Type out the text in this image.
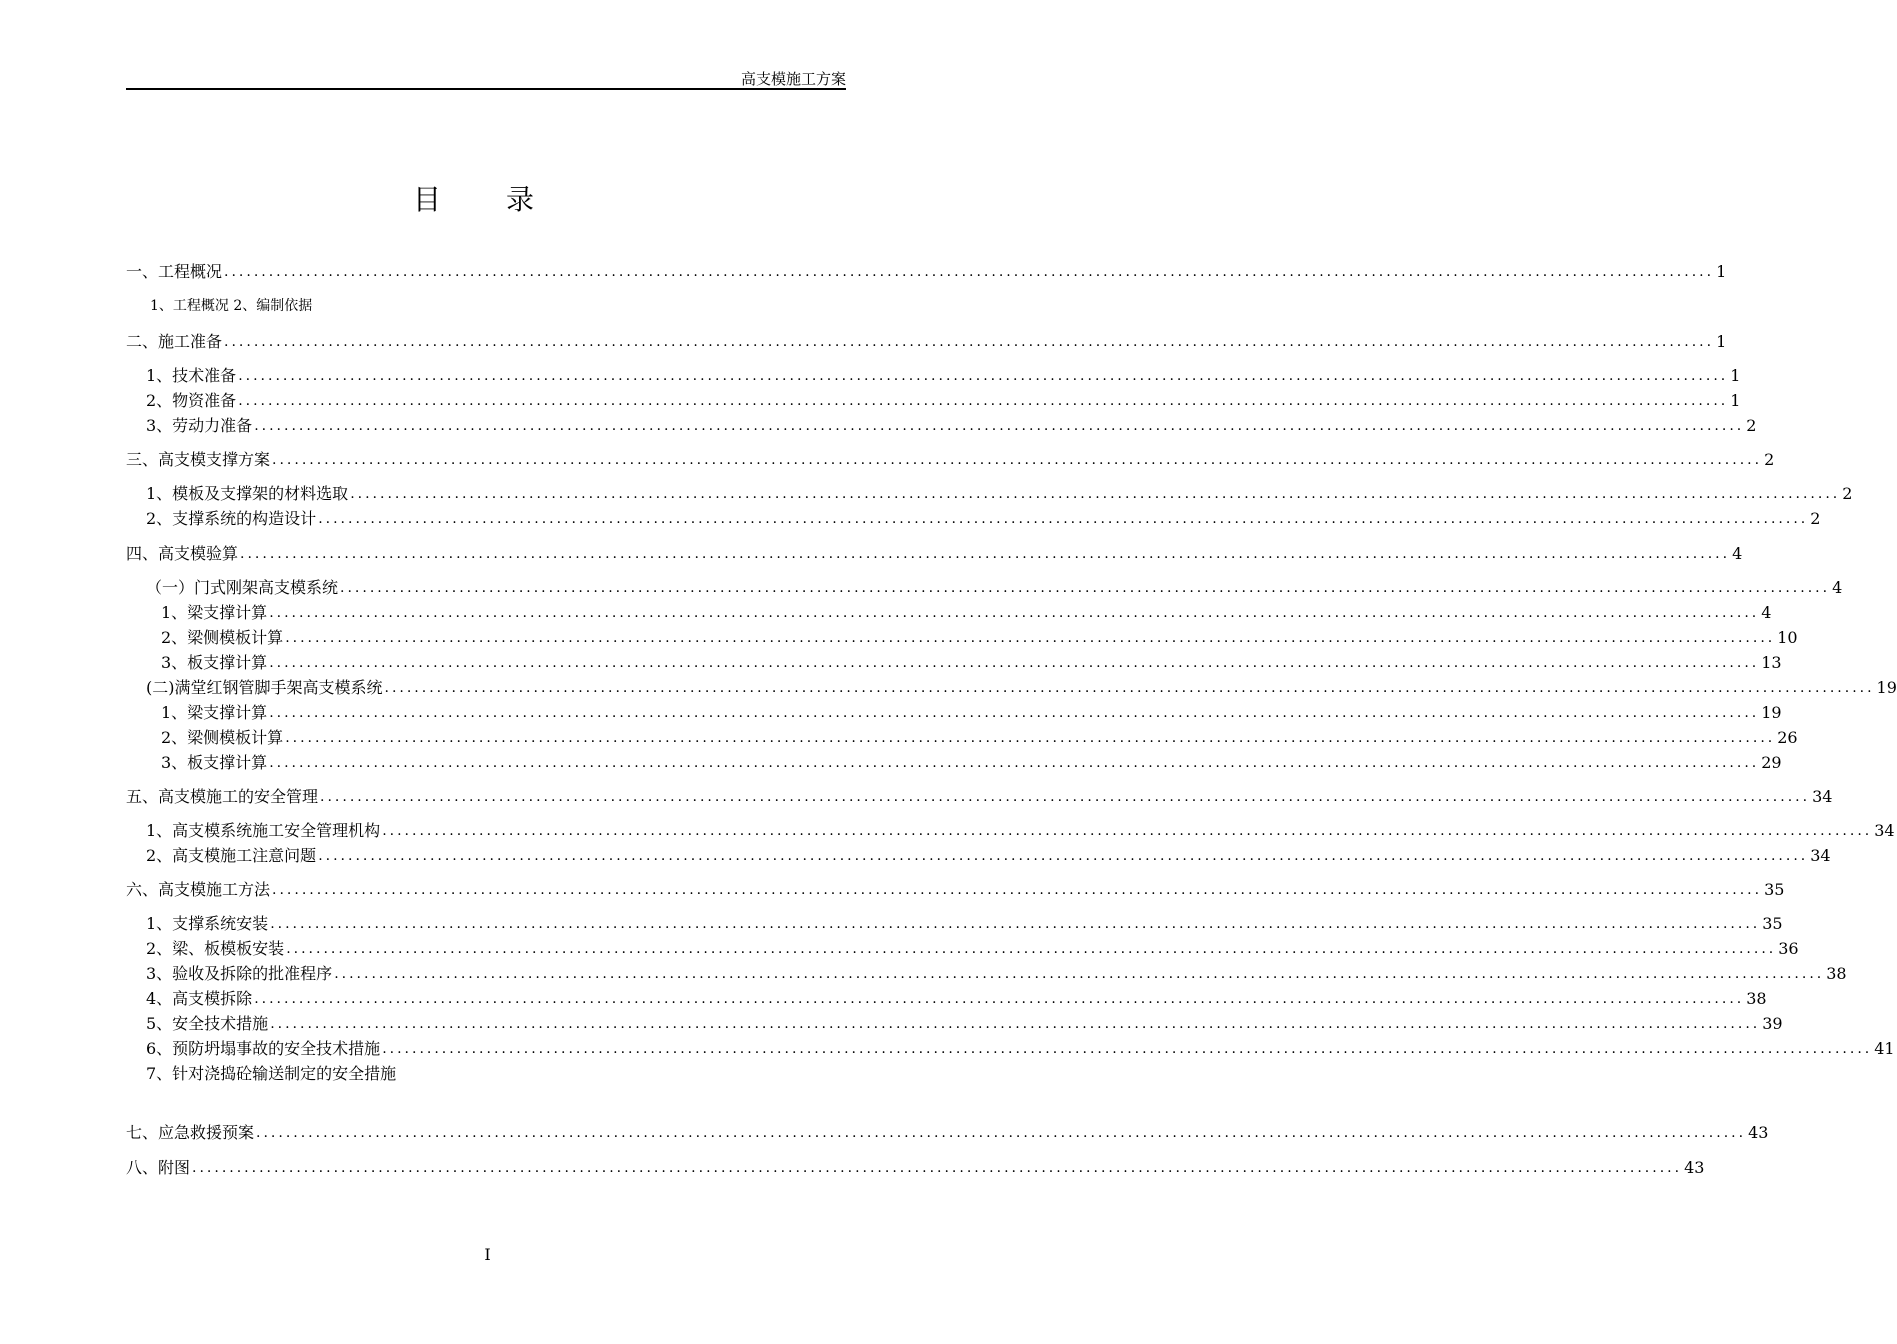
高支模施工方案
目 录
一、工程概况 ........................................................................................................................................................................................................ 1
1、工程概况 2、编制依据
二、施工准备 ........................................................................................................................................................................................................ 1
1、技术准备 ........................................................................................................................................................................................................ 1
2、物资准备 ........................................................................................................................................................................................................ 1
3、劳动力准备 ........................................................................................................................................................................................................ 2
三、高支模支撑方案 ........................................................................................................................................................................................................ 2
1、模板及支撑架的材料选取 ........................................................................................................................................................................................................ 2
2、支撑系统的构造设计 ........................................................................................................................................................................................................ 2
四、高支模验算 ........................................................................................................................................................................................................ 4
（一）门式刚架高支模系统 ........................................................................................................................................................................................................ 4
1、梁支撑计算 ........................................................................................................................................................................................................ 4
2、梁侧模板计算 ........................................................................................................................................................................................................ 10
3、板支撑计算 ........................................................................................................................................................................................................ 13
(二)满堂红钢管脚手架高支模系统 ........................................................................................................................................................................................................ 19
1、梁支撑计算 ........................................................................................................................................................................................................ 19
2、梁侧模板计算 ........................................................................................................................................................................................................ 26
3、板支撑计算 ........................................................................................................................................................................................................ 29
五、高支模施工的安全管理 ........................................................................................................................................................................................................ 34
1、高支模系统施工安全管理机构 ........................................................................................................................................................................................................ 34
2、高支模施工注意问题 ........................................................................................................................................................................................................ 34
六、高支模施工方法 ........................................................................................................................................................................................................ 35
1、支撑系统安装 ........................................................................................................................................................................................................ 35
2、梁、板模板安装 ........................................................................................................................................................................................................ 36
3、验收及拆除的批准程序 ........................................................................................................................................................................................................ 38
4、高支模拆除 ........................................................................................................................................................................................................ 38
5、安全技术措施 ........................................................................................................................................................................................................ 39
6、预防坍塌事故的安全技术措施 ........................................................................................................................................................................................................ 41
7、针对浇捣砼输送制定的安全措施
七、应急救援预案 ........................................................................................................................................................................................................ 43
八、附图 ........................................................................................................................................................................................................ 43
I
